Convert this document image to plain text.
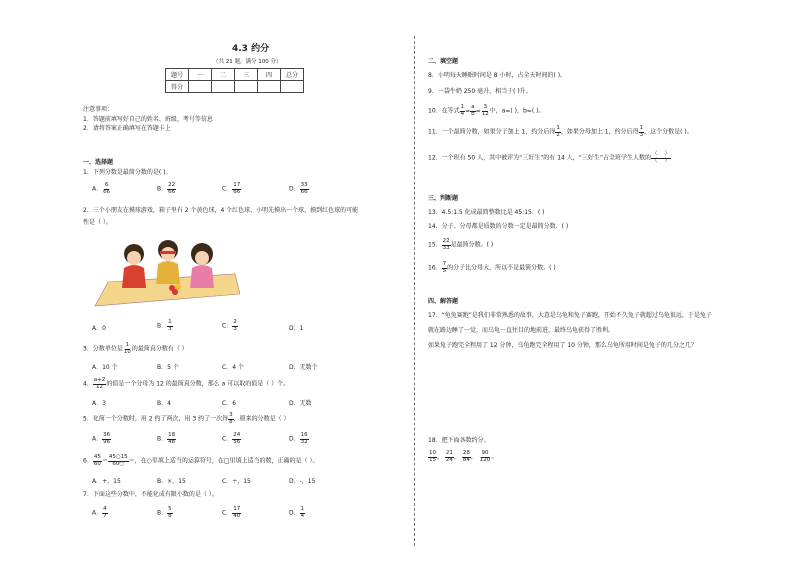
4.3 约分
（共 21 题，满分 100 分）
题号	一	二	三	四	总分
得分					
注意事项：
1．答题前填写好自己的姓名、班级、考号等信息
2．请将答案正确填写在答题卡上
一、选择题
1．下列分数是最简分数的是( )。
A． $\frac{6}{66}$	B． $\frac{22}{66}$	C． $\frac{17}{66}$	D． $\frac{33}{66}$
2．三个小朋友在摸球游戏，箱子里有 2 个黄色球，4 个红色球，小明先摸出一个球，摸到红色球的可能
性是（ ）。
A．0	B． $\frac{1}{3}$	C． $\frac{2}{3}$	D．1
3．分数单位是 $\frac{1}{10}$ 的最简真分数有（ ）
A．10 个	B．5 个	C．4 个	D．无数个
4． $\frac{a+2}{12}$ 的值是一个分母为 12 的最简真分数，那么 a 可以取的值是（ ）个。
A．3	B．4	C．6	D．无数
5．化简一个分数时，用 2 约了两次，用 3 约了一次得 $\frac{3}{8}$ ，原来的分数是（ ）
A． $\frac{36}{96}$	B． $\frac{18}{48}$	C． $\frac{24}{56}$	D． $\frac{16}{32}$
6． $\frac{45}{60} = \frac{45○15}{60○}$ ＝，在○里填上适当的运算符号，在□里填上适当的数，正确的是（ ）。
A．+，15	B．×，15	C．÷，15	D．-，15
7．下面这些分数中，不能化成有限小数的是（ ）。
A． $\frac{4}{7}$	B． $\frac{5}{8}$	C． $\frac{17}{40}$	D． $\frac{1}{4}$
二、填空题
8．小明每天睡眠时间是 8 小时，占全天时间的( )。
9．一袋牛奶 250 毫升，相当于( )升。
10．在等式 $\frac{1}{4} = \frac{a}{b} = \frac{3}{12}$ 中，a=( )，b=( )。
11．一个最简分数，如果分子加上 1，约分后得 $\frac{1}{2}$ ，如果分母加上 1，约分后得 $\frac{1}{3}$ ，这个分数是( )。
12．一个班有 50 人，其中被评为“三好生”的有 14 人，“三好生”占全班学生人数的 $\frac{( )}{( )}$
三、判断题
13．4.5:1.5 化成最简整数比是 45:15．( )
14．分子、分母都是质数的分数一定是最简分数．( )
15． $\frac{22}{33}$ 是最简分数。( )
16． $\frac{7}{5}$ 的分子比分母大，所以不是最简分数。( )
四、解答题
17．“龟兔赛跑”是我们非常熟悉的故事，大意是乌龟和兔子赛跑，开始不久兔子就超过乌龟很远，于是兔子
就在路边睡了一觉，而乌龟一直往目的地前进，最终乌龟获得了胜利。
如果兔子跑完全程用了 12 分钟，乌龟跑完全程用了 10 分钟，那么乌龟所用时间是兔子的几分之几？
18．把下面各数约分。
$\frac{10}{15}$ ， $\frac{21}{24}$ ， $\frac{28}{84}$ ， $\frac{90}{120}$ 。
